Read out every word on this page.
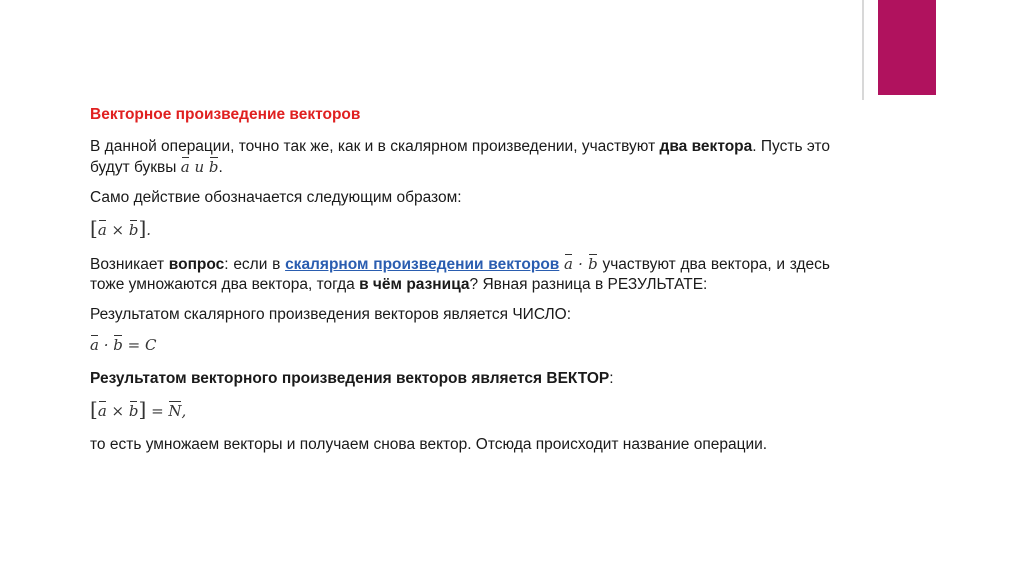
Векторное произведение векторов
В данной операции, точно так же, как и в скалярном произведении, участвуют два вектора. Пусть это будут буквы a и b.
Само действие обозначается следующим образом:
[a × b].
Возникает вопрос: если в скалярном произведении векторов a · b участвуют два вектора, и здесь тоже умножаются два вектора, тогда в чём разница? Явная разница в РЕЗУЛЬТАТЕ:
Результатом скалярного произведения векторов является ЧИСЛО:
a · b = C
Результатом векторного произведения векторов является ВЕКТОР:
[a × b] = N,
то есть умножаем векторы и получаем снова вектор. Отсюда происходит название операции.
